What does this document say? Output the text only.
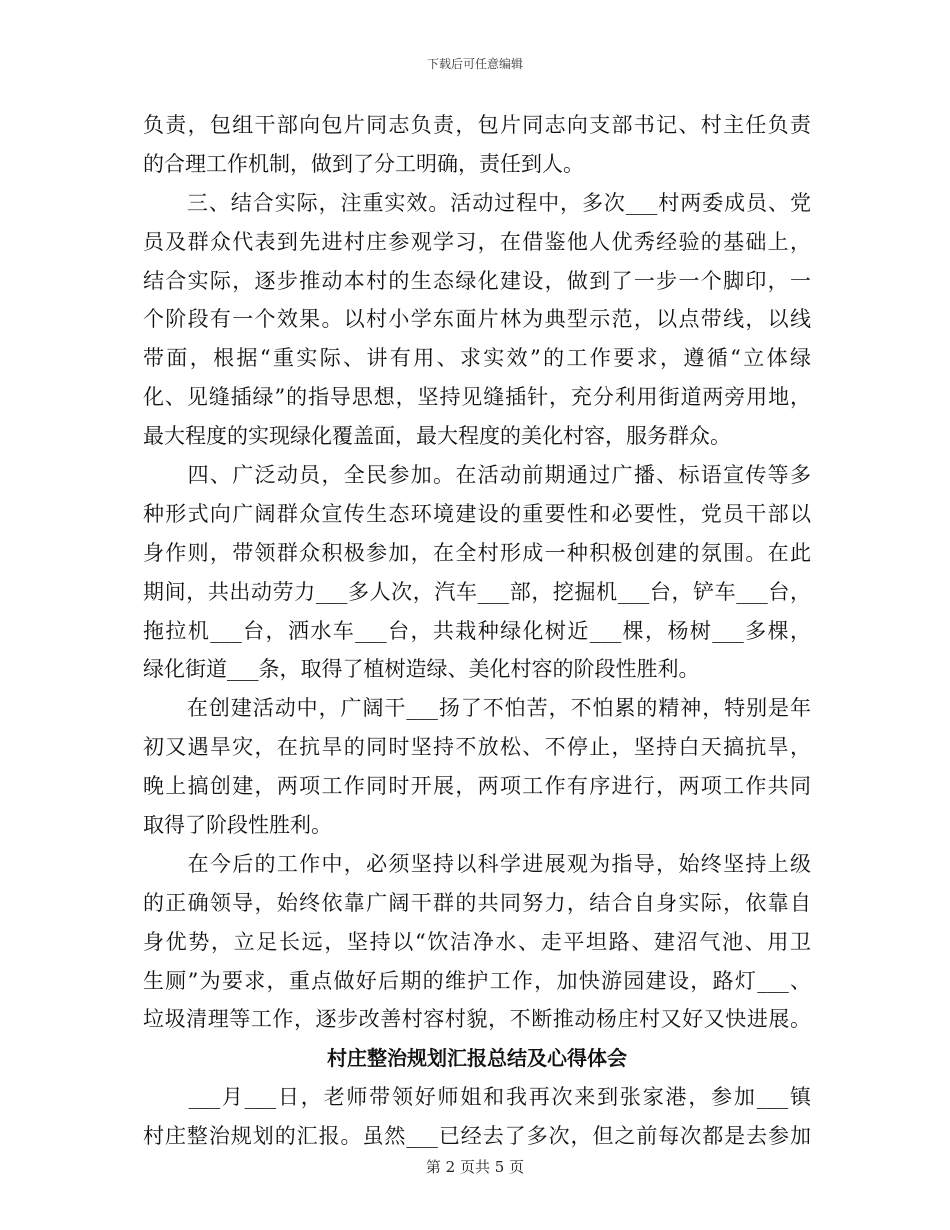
下载后可任意编辑
负责，包组干部向包片同志负责，包片同志向支部书记、村主任负责
的合理工作机制，做到了分工明确，责任到人。
　　三、结合实际，注重实效。活动过程中，多次___村两委成员、党
员及群众代表到先进村庄参观学习，在借鉴他人优秀经验的基础上，
结合实际，逐步推动本村的生态绿化建设，做到了一步一个脚印，一
个阶段有一个效果。以村小学东面片林为典型示范，以点带线，以线
带面，根据“重实际、讲有用、求实效”的工作要求，遵循“立体绿
化、见缝插绿”的指导思想，坚持见缝插针，充分利用街道两旁用地，
最大程度的实现绿化覆盖面，最大程度的美化村容，服务群众。
　　四、广泛动员，全民参加。在活动前期通过广播、标语宣传等多
种形式向广阔群众宣传生态环境建设的重要性和必要性，党员干部以
身作则，带领群众积极参加，在全村形成一种积极创建的氛围。在此
期间，共出动劳力___多人次，汽车___部，挖掘机___台，铲车___台，
拖拉机___台，洒水车___台，共栽种绿化树近___棵，杨树___多棵，
绿化街道___条，取得了植树造绿、美化村容的阶段性胜利。
　　在创建活动中，广阔干___扬了不怕苦，不怕累的精神，特别是年
初又遇旱灾，在抗旱的同时坚持不放松、不停止，坚持白天搞抗旱，
晚上搞创建，两项工作同时开展，两项工作有序进行，两项工作共同
取得了阶段性胜利。
　　在今后的工作中，必须坚持以科学进展观为指导，始终坚持上级
的正确领导，始终依靠广阔干群的共同努力，结合自身实际，依靠自
身优势，立足长远，坚持以“饮洁净水、走平坦路、建沼气池、用卫
生厕”为要求，重点做好后期的维护工作，加快游园建设，路灯___、
垃圾清理等工作，逐步改善村容村貌，不断推动杨庄村又好又快进展。
村庄整治规划汇报总结及心得体会
　　___月___日，老师带领好师姐和我再次来到张家港，参加___镇
村庄整治规划的汇报。虽然___已经去了多次，但之前每次都是去参加
第 2 页共 5 页
